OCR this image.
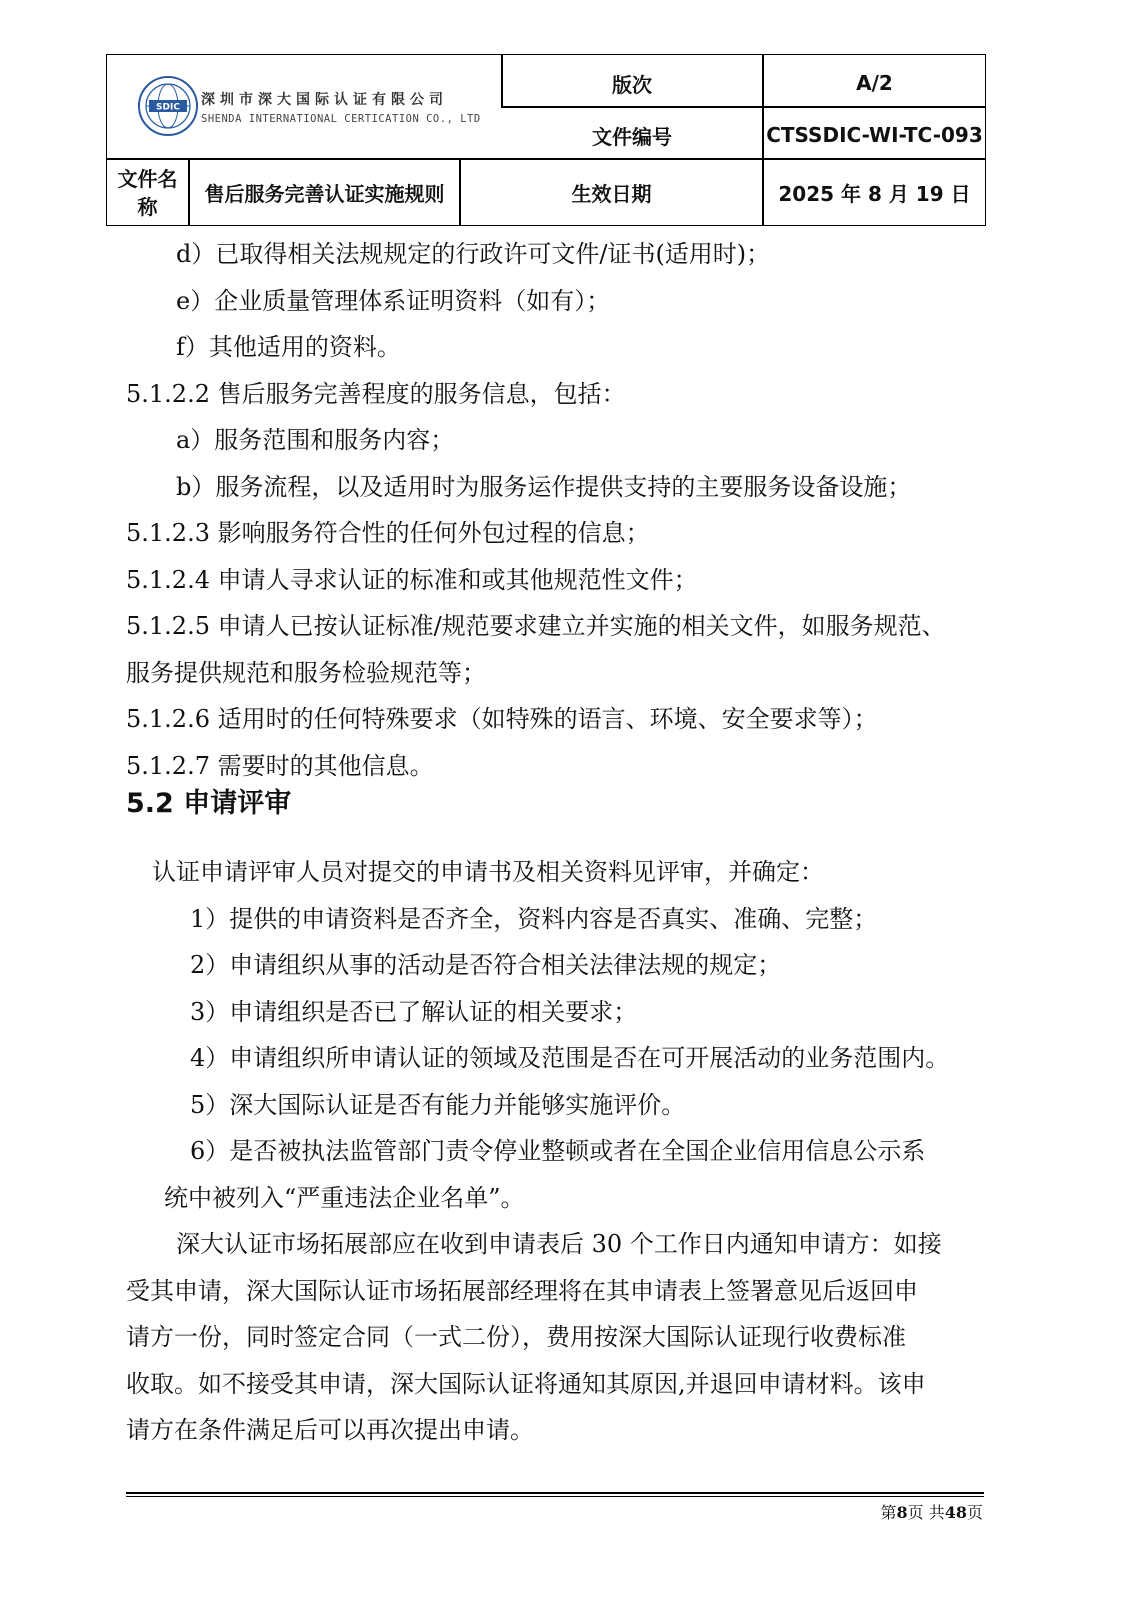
SDIC 深圳市深大国际认证有限公司
SHENDA INTERNATIONAL CERTICATION CO., LTD
版次	A/2
文件编号	CTSSDIC-WI-TC-093
文件名
称
售后服务完善认证实施规则	生效日期	2025 年 8 月 19 日
d）已取得相关法规规定的行政许可文件/证书(适用时)；
e）企业质量管理体系证明资料（如有）；
f）其他适用的资料。
5.1.2.2 售后服务完善程度的服务信息，包括：
a）服务范围和服务内容；
b）服务流程，以及适用时为服务运作提供支持的主要服务设备设施；
5.1.2.3 影响服务符合性的任何外包过程的信息；
5.1.2.4 申请人寻求认证的标准和或其他规范性文件；
5.1.2.5 申请人已按认证标准/规范要求建立并实施的相关文件，如服务规范、
服务提供规范和服务检验规范等；
5.1.2.6 适用时的任何特殊要求（如特殊的语言、环境、安全要求等）；
5.1.2.7 需要时的其他信息。
5.2 申请评审
认证申请评审人员对提交的申请书及相关资料见评审，并确定：
1）提供的申请资料是否齐全，资料内容是否真实、准确、完整；
2）申请组织从事的活动是否符合相关法律法规的规定；
3）申请组织是否已了解认证的相关要求；
4）申请组织所申请认证的领域及范围是否在可开展活动的业务范围内。
5）深大国际认证是否有能力并能够实施评价。
6）是否被执法监管部门责令停业整顿或者在全国企业信用信息公示系
统中被列入“严重违法企业名单”。
深大认证市场拓展部应在收到申请表后 30 个工作日内通知申请方：如接
受其申请，深大国际认证市场拓展部经理将在其申请表上签署意见后返回申
请方一份，同时签定合同（一式二份），费用按深大国际认证现行收费标准
收取。如不接受其申请，深大国际认证将通知其原因,并退回申请材料。该申
请方在条件满足后可以再次提出申请。
第8页 共48页
